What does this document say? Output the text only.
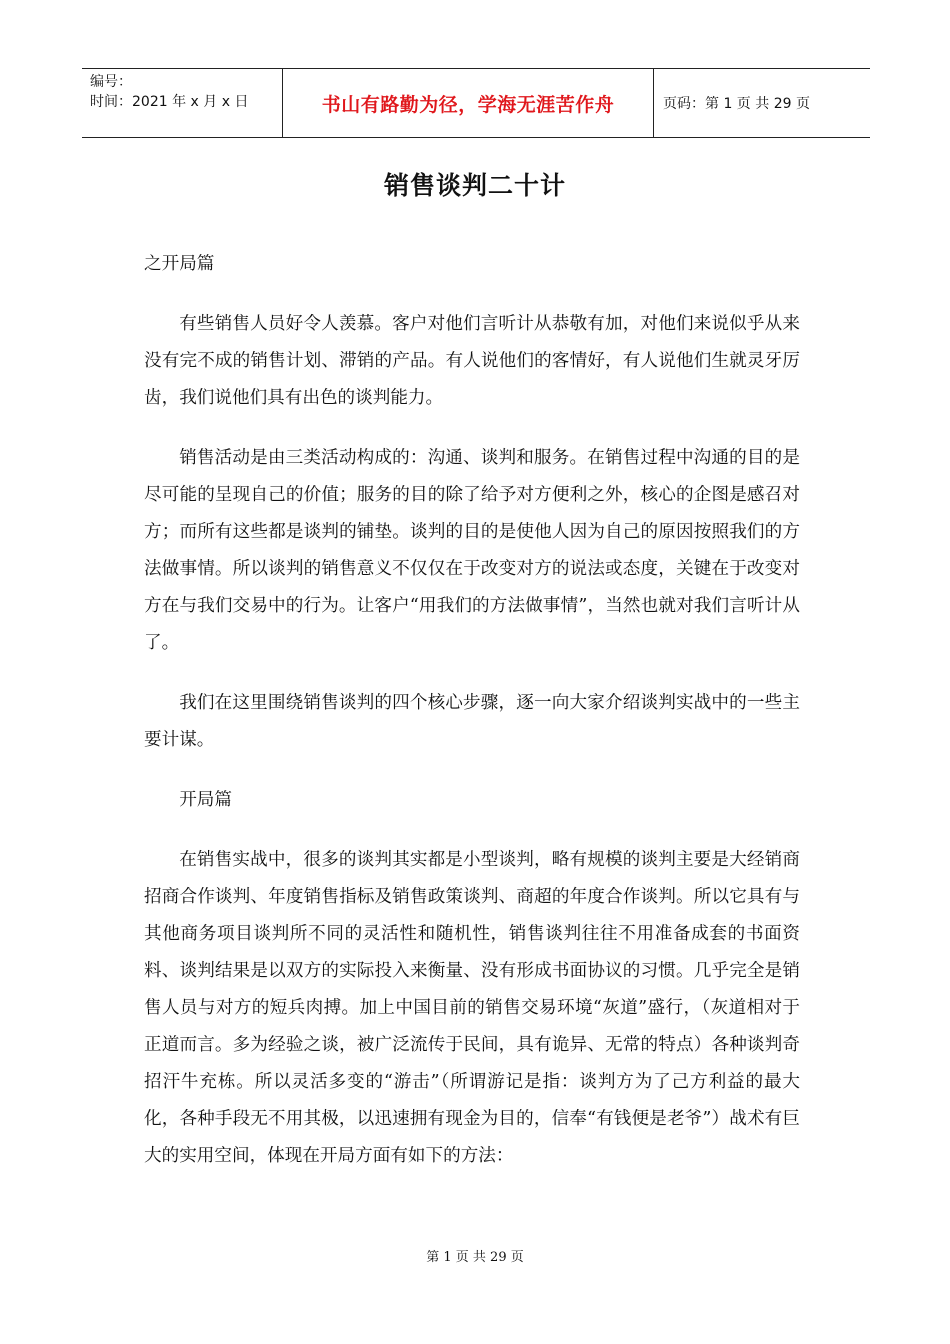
编号：
时间：2021 年 x 月 x 日	书山有路勤为径，学海无涯苦作舟	页码：第 1 页 共 29 页
销售谈判二十计

之开局篇

有些销售人员好令人羡慕。客户对他们言听计从恭敬有加，对他们来说似乎从来没有完不成的销售计划、滞销的产品。有人说他们的客情好，有人说他们生就灵牙厉齿，我们说他们具有出色的谈判能力。

销售活动是由三类活动构成的：沟通、谈判和服务。在销售过程中沟通的目的是尽可能的呈现自己的价值；服务的目的除了给予对方便利之外，核心的企图是感召对方；而所有这些都是谈判的铺垫。谈判的目的是使他人因为自己的原因按照我们的方法做事情。所以谈判的销售意义不仅仅在于改变对方的说法或态度，关键在于改变对方在与我们交易中的行为。让客户“用我们的方法做事情”，当然也就对我们言听计从了。

我们在这里围绕销售谈判的四个核心步骤，逐一向大家介绍谈判实战中的一些主要计谋。

开局篇

在销售实战中，很多的谈判其实都是小型谈判，略有规模的谈判主要是大经销商招商合作谈判、年度销售指标及销售政策谈判、商超的年度合作谈判。所以它具有与其他商务项目谈判所不同的灵活性和随机性，销售谈判往往不用准备成套的书面资料、谈判结果是以双方的实际投入来衡量、没有形成书面协议的习惯。几乎完全是销售人员与对方的短兵肉搏。加上中国目前的销售交易环境“灰道”盛行，（灰道相对于正道而言。多为经验之谈，被广泛流传于民间，具有诡异、无常的特点）各种谈判奇招汗牛充栋。所以灵活多变的“游击”（所谓游记是指：谈判方为了己方利益的最大化，各种手段无不用其极，以迅速拥有现金为目的，信奉“有钱便是老爷”）战术有巨大的实用空间，体现在开局方面有如下的方法：

第 1 页 共 29 页
